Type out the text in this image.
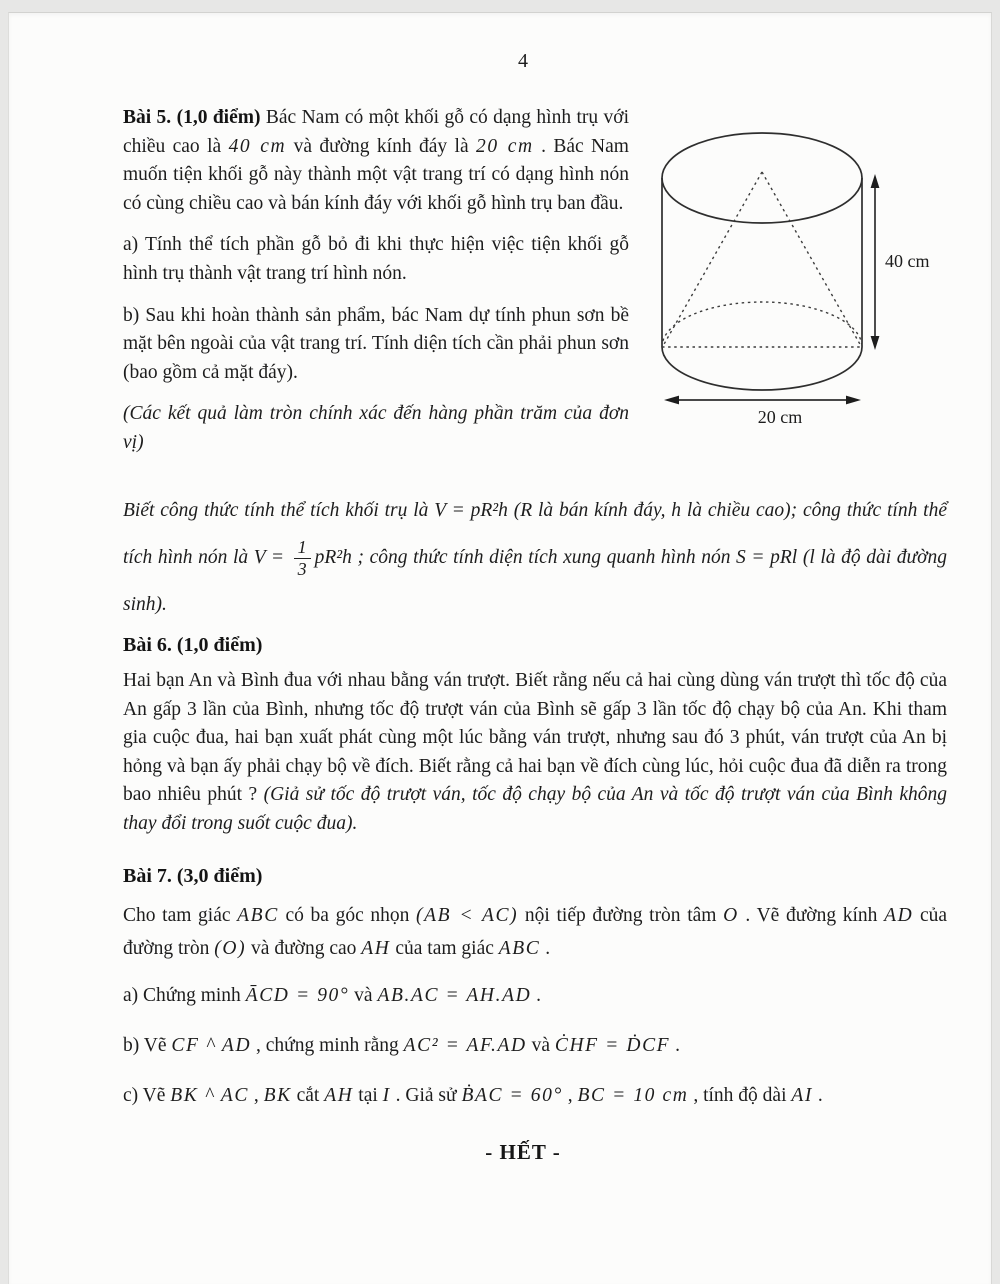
4
40 cm
20 cm

Bài 5. (1,0 điểm) Bác Nam có một khối gỗ có dạng hình trụ với chiều cao là 40 cm và đường kính đáy là 20 cm . Bác Nam muốn tiện khối gỗ này thành một vật trang trí có dạng hình nón có cùng chiều cao và bán kính đáy với khối gỗ hình trụ ban đầu.

a) Tính thể tích phần gỗ bỏ đi khi thực hiện việc tiện khối gỗ hình trụ thành vật trang trí hình nón.

b) Sau khi hoàn thành sản phẩm, bác Nam dự tính phun sơn bề mặt bên ngoài của vật trang trí. Tính diện tích cần phải phun sơn (bao gồm cả mặt đáy).

(Các kết quả làm tròn chính xác đến hàng phần trăm của đơn vị)

Biết công thức tính thể tích khối trụ là V = pR²h (R là bán kính đáy, h là chiều cao); công thức tính thể tích hình nón là $V = \frac{1}{3} pR^2h$ ; công thức tính diện tích xung quanh hình nón S = pRl (l là độ dài đường sinh).
Bài 6. (1,0 điểm)
Hai bạn An và Bình đua với nhau bằng ván trượt. Biết rằng nếu cả hai cùng dùng ván trượt thì tốc độ của An gấp 3 lần của Bình, nhưng tốc độ trượt ván của Bình sẽ gấp 3 lần tốc độ chạy bộ của An. Khi tham gia cuộc đua, hai bạn xuất phát cùng một lúc bằng ván trượt, nhưng sau đó 3 phút, ván trượt của An bị hỏng và bạn ấy phải chạy bộ về đích. Biết rằng cả hai bạn về đích cùng lúc, hỏi cuộc đua đã diễn ra trong bao nhiêu phút ? (Giả sử tốc độ trượt ván, tốc độ chạy bộ của An và tốc độ trượt ván của Bình không thay đổi trong suốt cuộc đua).
Bài 7. (3,0 điểm)
Cho tam giác ABC có ba góc nhọn (AB < AC) nội tiếp đường tròn tâm O . Vẽ đường kính AD của đường tròn (O) và đường cao AH của tam giác ABC .
a) Chứng minh ĀCD = 90° và AB.AC = AH.AD .
b) Vẽ CF ^ AD , chứng minh rằng AC² = AF.AD và ĊHF = ḊCF .
c) Vẽ BK ^ AC , BK cắt AH tại I . Giả sử ḂAC = 60° , BC = 10 cm , tính độ dài AI .
- HẾT -
